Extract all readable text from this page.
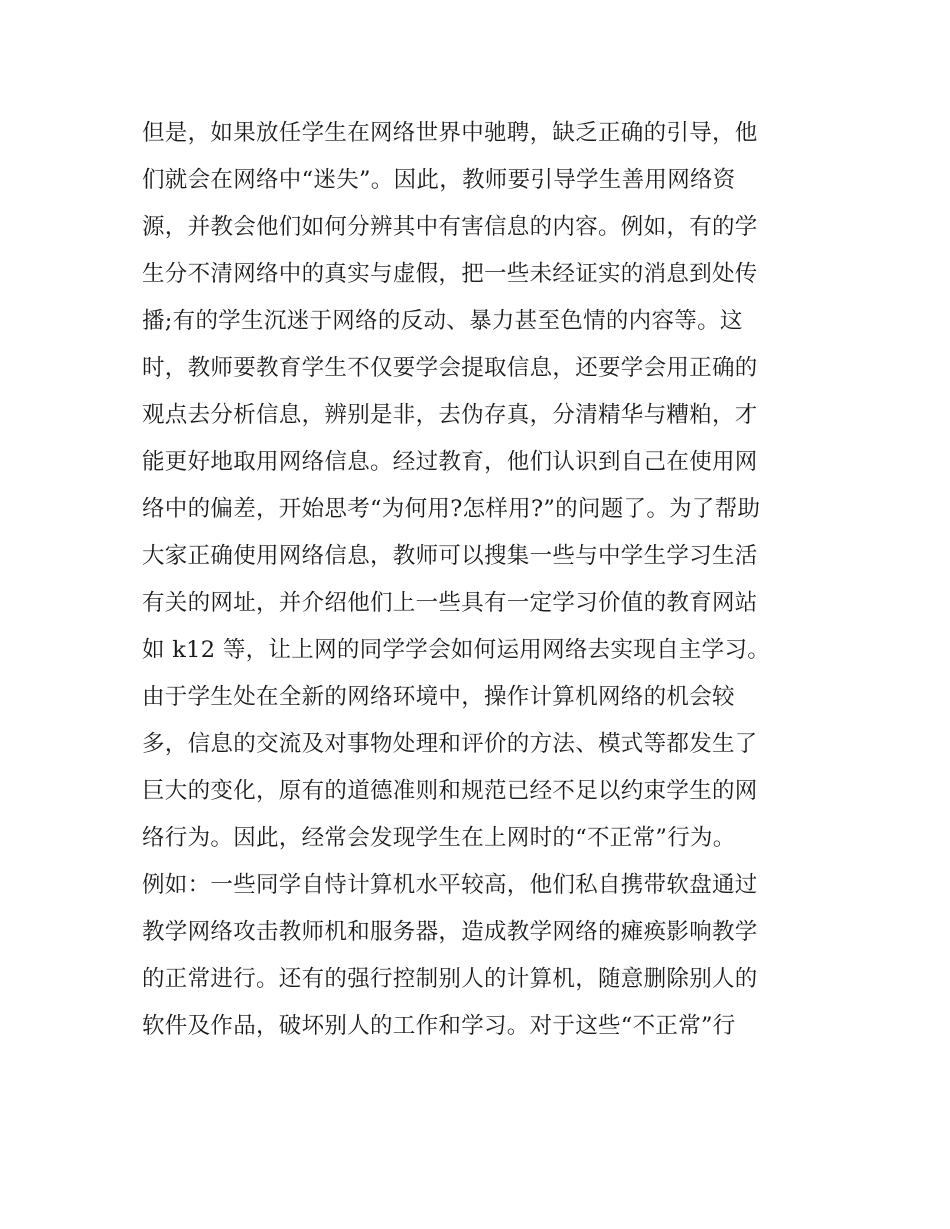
但是，如果放任学生在网络世界中驰聘，缺乏正确的引导，他
们就会在网络中“迷失”。因此，教师要引导学生善用网络资
源，并教会他们如何分辨其中有害信息的内容。例如，有的学
生分不清网络中的真实与虚假，把一些未经证实的消息到处传
播;有的学生沉迷于网络的反动、暴力甚至色情的内容等。这
时，教师要教育学生不仅要学会提取信息，还要学会用正确的
观点去分析信息，辨别是非，去伪存真，分清精华与糟粕，才
能更好地取用网络信息。经过教育，他们认识到自己在使用网
络中的偏差，开始思考“为何用?怎样用?”的问题了。为了帮助
大家正确使用网络信息，教师可以搜集一些与中学生学习生活
有关的网址，并介绍他们上一些具有一定学习价值的教育网站
如 k12 等，让上网的同学学会如何运用网络去实现自主学习。
由于学生处在全新的网络环境中，操作计算机网络的机会较
多，信息的交流及对事物处理和评价的方法、模式等都发生了
巨大的变化，原有的道德准则和规范已经不足以约束学生的网
络行为。因此，经常会发现学生在上网时的“不正常”行为。
例如：一些同学自恃计算机水平较高，他们私自携带软盘通过
教学网络攻击教师机和服务器，造成教学网络的瘫痪影响教学
的正常进行。还有的强行控制别人的计算机，随意删除别人的
软件及作品，破坏别人的工作和学习。对于这些“不正常”行
